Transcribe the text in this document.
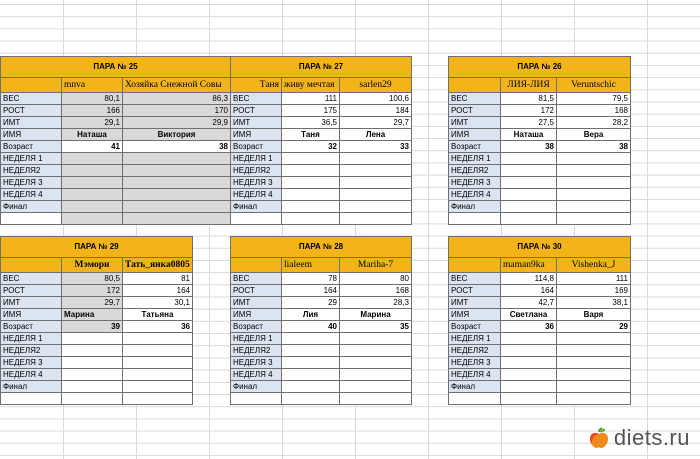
ПАРА № 25		
	mnva	Хозяйка Снежной Совы
ВЕС	80,1	86,3
РОСТ	166	170
ИМТ	29,1	29,9
ИМЯ	Наташа	Виктория
Возраст	41	38
НЕДЕЛЯ 1		
НЕДЕЛЯ2		
НЕДЕЛЯ 3		
НЕДЕЛЯ 4		
Финал		

ПАРА № 27		
Таня	живу мечтая	sarlen29
ВЕС	111	100,6
РОСТ	175	184
ИМТ	36,5	29,7
ИМЯ	Таня	Лена
Возраст	32	33
НЕДЕЛЯ 1		
НЕДЕЛЯ2		
НЕДЕЛЯ 3		
НЕДЕЛЯ 4		
Финал		

ПАРА № 26		
	ЛИЯ-ЛИЯ	Veruntschic
ВЕС	81,5	79,5
РОСТ	172	168
ИМТ	27,5	28,2
ИМЯ	Наташа	Вера
Возраст	38	38
НЕДЕЛЯ 1		
НЕДЕЛЯ2		
НЕДЕЛЯ 3		
НЕДЕЛЯ 4		
Финал		

ПАРА № 29		
	Мэмори	Тать_янка0805
ВЕС	80,5	81
РОСТ	172	164
ИМТ	29,7	30,1
ИМЯ	Марина	Татьяна
Возраст	39	36
НЕДЕЛЯ 1		
НЕДЕЛЯ2		
НЕДЕЛЯ 3		
НЕДЕЛЯ 4		
Финал		

ПАРА № 28		
	lialeem	Mariha-7
ВЕС	78	80
РОСТ	164	168
ИМТ	29	28,3
ИМЯ	Лия	Марина
Возраст	40	35
НЕДЕЛЯ 1		
НЕДЕЛЯ2		
НЕДЕЛЯ 3		
НЕДЕЛЯ 4		
Финал		

ПАРА № 30		
	maman9ka	Vishenka_J
ВЕС	114,8	111
РОСТ	164	169
ИМТ	42,7	38,1
ИМЯ	Светлана	Варя
Возраст	36	29
НЕДЕЛЯ 1		
НЕДЕЛЯ2		
НЕДЕЛЯ 3		
НЕДЕЛЯ 4		
Финал		

diets.ru
